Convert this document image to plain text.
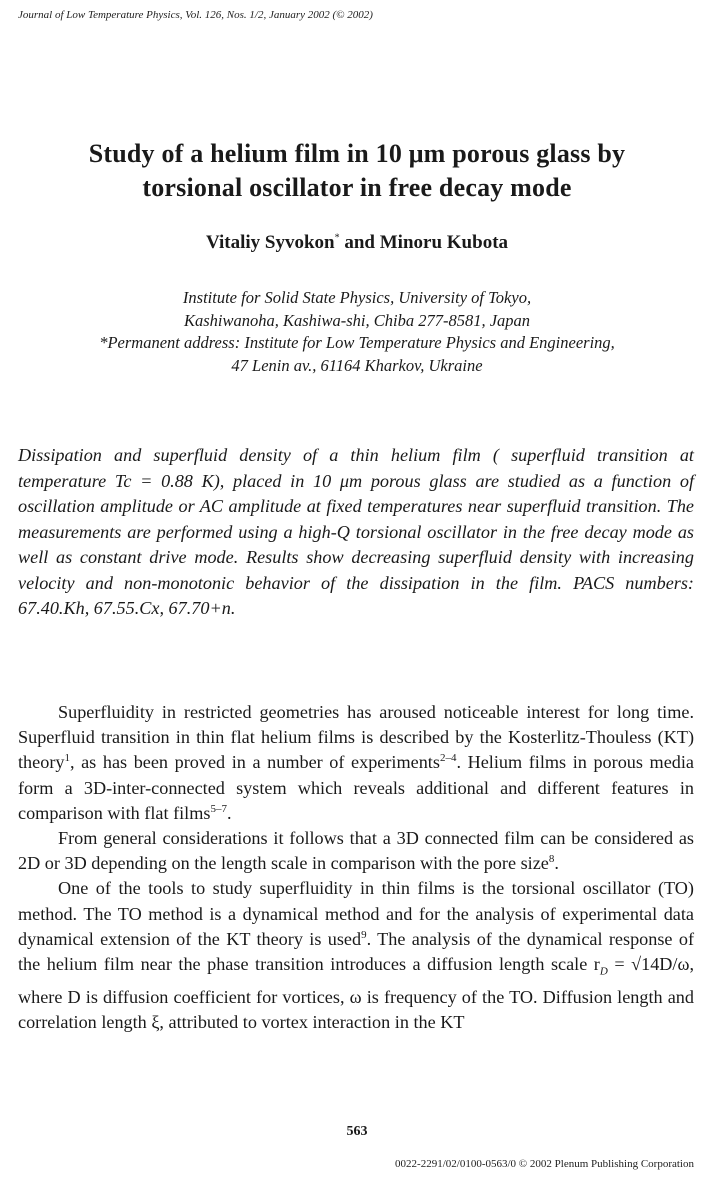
Journal of Low Temperature Physics, Vol. 126, Nos. 1/2, January 2002 (© 2002)
Study of a helium film in 10 μm porous glass by
torsional oscillator in free decay mode
Vitaliy Syvokon* and Minoru Kubota
Institute for Solid State Physics, University of Tokyo,
Kashiwanoha, Kashiwa-shi, Chiba 277-8581, Japan
*Permanent address: Institute for Low Temperature Physics and Engineering,
47 Lenin av., 61164 Kharkov, Ukraine
Dissipation and superfluid density of a thin helium film ( superfluid transition at temperature Tc = 0.88 K), placed in 10 μm porous glass are studied as a function of oscillation amplitude or AC amplitude at fixed temperatures near superfluid transition. The measurements are performed using a high-Q torsional oscillator in the free decay mode as well as constant drive mode. Results show decreasing superfluid density with increasing velocity and non-monotonic behavior of the dissipation in the film. PACS numbers: 67.40.Kh, 67.55.Cx, 67.70+n.

Superfluidity in restricted geometries has aroused noticeable interest for long time. Superfluid transition in thin flat helium films is described by the Kosterlitz-Thouless (KT) theory$^1$, as has been proved in a number of experiments$^{2-4}$. Helium films in porous media form a 3D-inter-connected system which reveals additional and different features in comparison with flat films$^{5-7}$.

From general considerations it follows that a 3D connected film can be considered as 2D or 3D depending on the length scale in comparison with the pore size$^8$.

One of the tools to study superfluidity in thin films is the torsional oscillator (TO) method. The TO method is a dynamical method and for the analysis of experimental data dynamical extension of the KT theory is used$^9$. The analysis of the dynamical response of the helium film near the phase transition introduces a diffusion length scale $r_D = √14D/\omega$, where D is diffusion coefficient for vortices, ω is frequency of the TO. Diffusion length and correlation length ξ, attributed to vortex interaction in the KT

563
0022-2291/02/0100-0563/0 © 2002 Plenum Publishing Corporation
